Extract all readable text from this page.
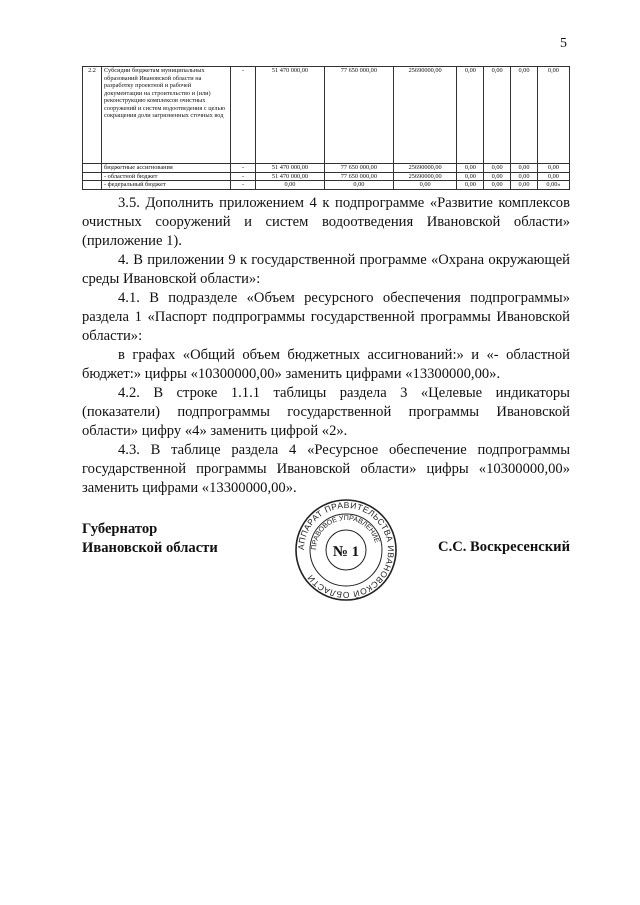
5
2.2	Субсидии бюджетам муниципальных образований Ивановской области на разработку проектной и рабочей документации на строительство и (или) реконструкцию комплексов очистных сооружений и систем водоотведения с целью сокращения доли загрязненных сточных вод	-	51 470 000,00	77 650 000,00	25690000,00	0,00	0,00	0,00	0,00
	бюджетные ассигнования	-	51 470 000,00	77 650 000,00	25690000,00	0,00	0,00	0,00	0,00
	- областной бюджет	-	51 470 000,00	77 650 000,00	25690000,00	0,00	0,00	0,00	0,00
	- федеральный бюджет	-	0,00	0,00	0,00	0,00	0,00	0,00	0,00»

3.5. Дополнить приложением 4 к подпрограмме «Развитие комплексов очистных сооружений и систем водоотведения Ивановской области» (приложение 1).

4. В приложении 9 к государственной программе «Охрана окружающей среды Ивановской области»:

4.1. В подразделе «Объем ресурсного обеспечения подпрограммы» раздела 1 «Паспорт подпрограммы государственной программы Ивановской области»:

в графах «Общий объем бюджетных ассигнований:» и «- областной бюджет:» цифры «10300000,00» заменить цифрами «13300000,00».

4.2. В строке 1.1.1 таблицы раздела 3 «Целевые индикаторы (показатели) подпрограммы государственной программы Ивановской области» цифру «4» заменить цифрой «2».

4.3. В таблице раздела 4 «Ресурсное обеспечение подпрограммы государственной программы Ивановской области» цифры «10300000,00» заменить цифрами «13300000,00».

Губернатор
Ивановской области	АППАРАТ ПРАВИТЕЛЬСТВА ИВАНОВСКОЙ ОБЛАСТИ
ПРАВОВОЕ УПРАВЛЕНИЕ
№ 1	С.С. Воскресенский
